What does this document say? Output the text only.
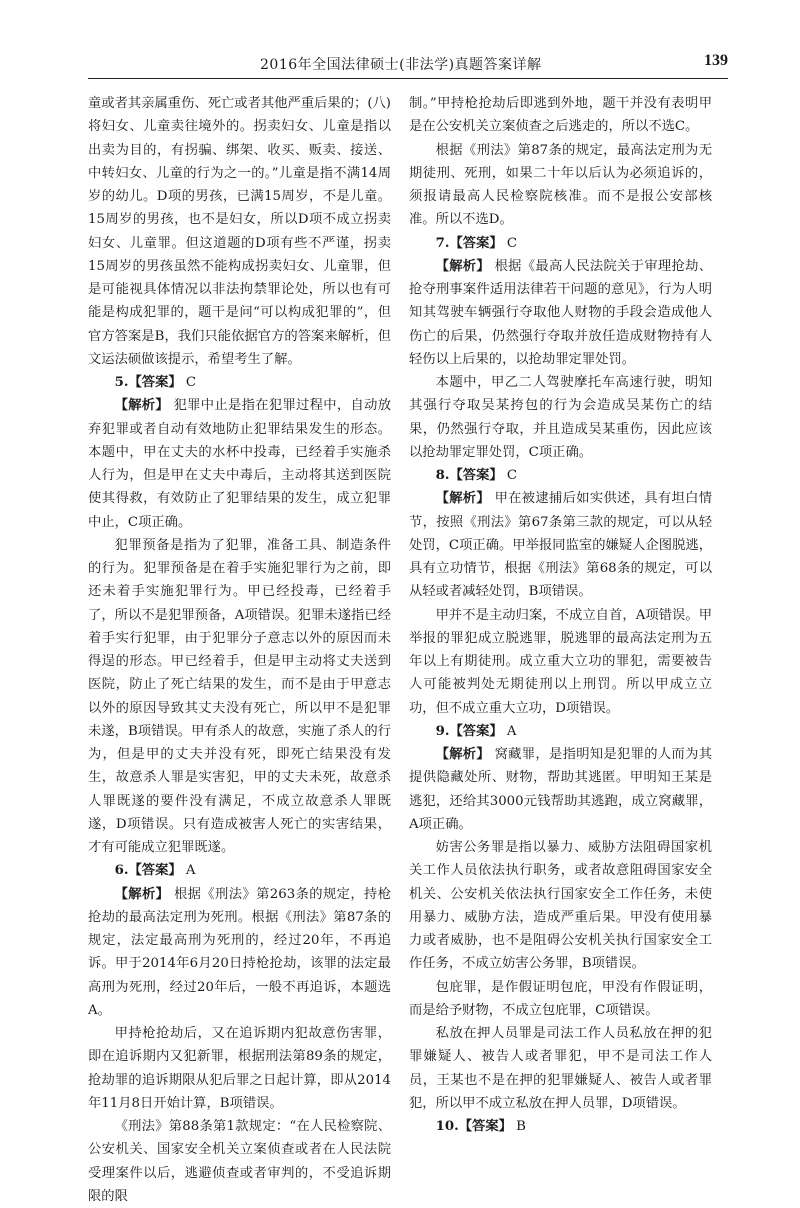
2016年全国法律硕士(非法学)真题答案详解	139

童或者其亲属重伤、死亡或者其他严重后果的；(八)将妇女、儿童卖往境外的。拐卖妇女、儿童是指以出卖为目的，有拐骗、绑架、收买、贩卖、接送、中转妇女、儿童的行为之一的。”儿童是指不满14周岁的幼儿。D项的男孩，已满15周岁，不是儿童。15周岁的男孩，也不是妇女，所以D项不成立拐卖妇女、儿童罪。但这道题的D项有些不严谨，拐卖15周岁的男孩虽然不能构成拐卖妇女、儿童罪，但是可能视具体情况以非法拘禁罪论处，所以也有可能是构成犯罪的，题干是问“可以构成犯罪的”，但官方答案是B，我们只能依据官方的答案来解析，但文运法硕做该提示，希望考生了解。

5.【答案】 C

【解析】 犯罪中止是指在犯罪过程中，自动放弃犯罪或者自动有效地防止犯罪结果发生的形态。本题中，甲在丈夫的水杯中投毒，已经着手实施杀人行为，但是甲在丈夫中毒后，主动将其送到医院使其得救，有效防止了犯罪结果的发生，成立犯罪中止，C项正确。

犯罪预备是指为了犯罪，准备工具、制造条件的行为。犯罪预备是在着手实施犯罪行为之前，即还未着手实施犯罪行为。甲已经投毒，已经着手了，所以不是犯罪预备，A项错误。犯罪未遂指已经着手实行犯罪，由于犯罪分子意志以外的原因而未得逞的形态。甲已经着手，但是甲主动将丈夫送到医院，防止了死亡结果的发生，而不是由于甲意志以外的原因导致其丈夫没有死亡，所以甲不是犯罪未遂，B项错误。甲有杀人的故意，实施了杀人的行为，但是甲的丈夫并没有死，即死亡结果没有发生，故意杀人罪是实害犯，甲的丈夫未死，故意杀人罪既遂的要件没有满足，不成立故意杀人罪既遂，D项错误。只有造成被害人死亡的实害结果，才有可能成立犯罪既遂。

6.【答案】 A

【解析】 根据《刑法》第263条的规定，持枪抢劫的最高法定刑为死刑。根据《刑法》第87条的规定，法定最高刑为死刑的，经过20年，不再追诉。甲于2014年6月20日持枪抢劫，该罪的法定最高刑为死刑，经过20年后，一般不再追诉，本题选A。

甲持枪抢劫后，又在追诉期内犯故意伤害罪，即在追诉期内又犯新罪，根据刑法第89条的规定，抢劫罪的追诉期限从犯后罪之日起计算，即从2014年11月8日开始计算，B项错误。

《刑法》第88条第1款规定：“在人民检察院、公安机关、国家安全机关立案侦查或者在人民法院受理案件以后，逃避侦查或者审判的，不受追诉期限的限

制。”甲持枪抢劫后即逃到外地，题干并没有表明甲是在公安机关立案侦查之后逃走的，所以不选C。

根据《刑法》第87条的规定，最高法定刑为无期徒刑、死刑，如果二十年以后认为必须追诉的，须报请最高人民检察院核准。而不是报公安部核准。所以不选D。

7.【答案】 C

【解析】 根据《最高人民法院关于审理抢劫、抢夺刑事案件适用法律若干问题的意见》，行为人明知其驾驶车辆强行夺取他人财物的手段会造成他人伤亡的后果，仍然强行夺取并放任造成财物持有人轻伤以上后果的，以抢劫罪定罪处罚。

本题中，甲乙二人驾驶摩托车高速行驶，明知其强行夺取吴某挎包的行为会造成吴某伤亡的结果，仍然强行夺取，并且造成吴某重伤，因此应该以抢劫罪定罪处罚，C项正确。

8.【答案】 C

【解析】 甲在被逮捕后如实供述，具有坦白情节，按照《刑法》第67条第三款的规定，可以从轻处罚，C项正确。甲举报同监室的嫌疑人企图脱逃，具有立功情节，根据《刑法》第68条的规定，可以从轻或者减轻处罚，B项错误。

甲并不是主动归案，不成立自首，A项错误。甲举报的罪犯成立脱逃罪，脱逃罪的最高法定刑为五年以上有期徒刑。成立重大立功的罪犯，需要被告人可能被判处无期徒刑以上刑罚。所以甲成立立功，但不成立重大立功，D项错误。

9.【答案】 A

【解析】 窝藏罪，是指明知是犯罪的人而为其提供隐藏处所、财物，帮助其逃匿。甲明知王某是逃犯，还给其3000元钱帮助其逃跑，成立窝藏罪，A项正确。

妨害公务罪是指以暴力、威胁方法阻碍国家机关工作人员依法执行职务，或者故意阻碍国家安全机关、公安机关依法执行国家安全工作任务，未使用暴力、威胁方法，造成严重后果。甲没有使用暴力或者威胁，也不是阻碍公安机关执行国家安全工作任务，不成立妨害公务罪，B项错误。

包庇罪，是作假证明包庇，甲没有作假证明，而是给予财物，不成立包庇罪，C项错误。

私放在押人员罪是司法工作人员私放在押的犯罪嫌疑人、被告人或者罪犯，甲不是司法工作人员，王某也不是在押的犯罪嫌疑人、被告人或者罪犯，所以甲不成立私放在押人员罪，D项错误。

10.【答案】 B
